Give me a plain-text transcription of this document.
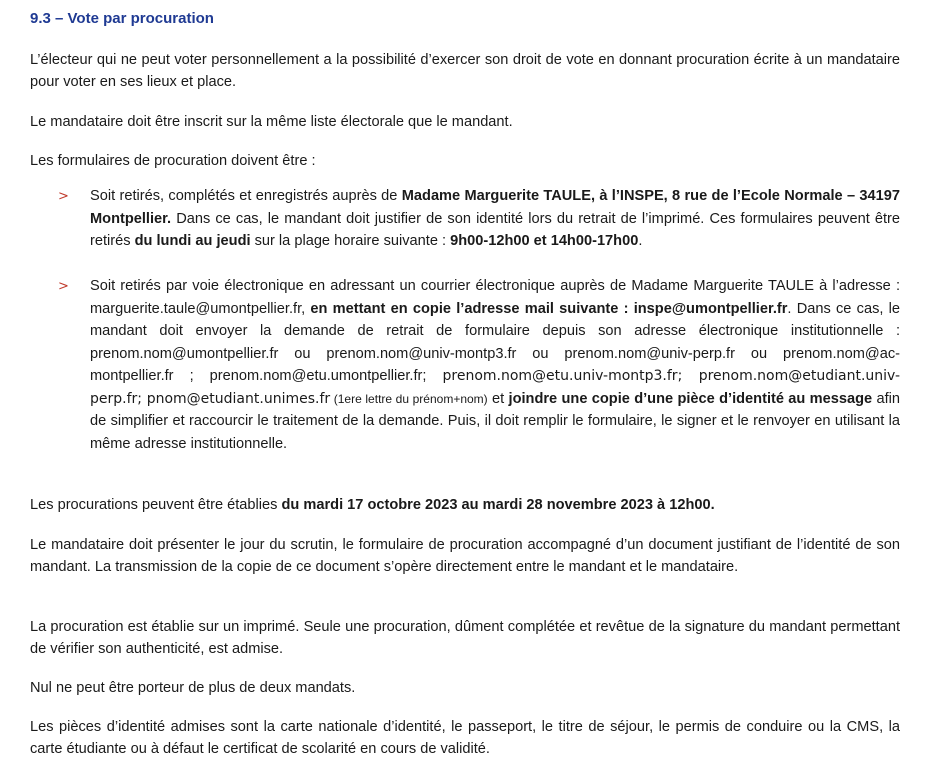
9.3 – Vote par procuration

L’électeur qui ne peut voter personnellement a la possibilité d’exercer son droit de vote en donnant procuration écrite à un mandataire pour voter en ses lieux et place.

Le mandataire doit être inscrit sur la même liste électorale que le mandant.

Les formulaires de procuration doivent être :

> Soit retirés, complétés et enregistrés auprès de Madame Marguerite TAULE, à l’INSPE, 8 rue de l’Ecole Normale – 34197 Montpellier. Dans ce cas, le mandant doit justifier de son identité lors du retrait de l’imprimé. Ces formulaires peuvent être retirés du lundi au jeudi sur la plage horaire suivante : 9h00-12h00 et 14h00-17h00.

> Soit retirés par voie électronique en adressant un courrier électronique auprès de Madame Marguerite TAULE à l’adresse : marguerite.taule@umontpellier.fr, en mettant en copie l’adresse mail suivante : inspe@umontpellier.fr. Dans ce cas, le mandant doit envoyer la demande de retrait de formulaire depuis son adresse électronique institutionnelle : prenom.nom@umontpellier.fr ou prenom.nom@univ-montp3.fr ou prenom.nom@univ-perp.fr ou prenom.nom@ac-montpellier.fr ; prenom.nom@etu.umontpellier.fr; prenom.nom@etu.univ-montp3.fr; prenom.nom@etudiant.univ-perp.fr; pnom@etudiant.unimes.fr (1ere lettre du prénom+nom) et joindre une copie d’une pièce d’identité au message afin de simplifier et raccourcir le traitement de la demande. Puis, il doit remplir le formulaire, le signer et le renvoyer en utilisant la même adresse institutionnelle.

Les procurations peuvent être établies du mardi 17 octobre 2023 au mardi 28 novembre 2023 à 12h00.

Le mandataire doit présenter le jour du scrutin, le formulaire de procuration accompagné d’un document justifiant de l’identité de son mandant. La transmission de la copie de ce document s’opère directement entre le mandant et le mandataire.

La procuration est établie sur un imprimé. Seule une procuration, dûment complétée et revêtue de la signature du mandant permettant de vérifier son authenticité, est admise.

Nul ne peut être porteur de plus de deux mandats.

Les pièces d’identité admises sont la carte nationale d’identité, le passeport, le titre de séjour, le permis de conduire ou la CMS, la carte étudiante ou à défaut le certificat de scolarité en cours de validité.
